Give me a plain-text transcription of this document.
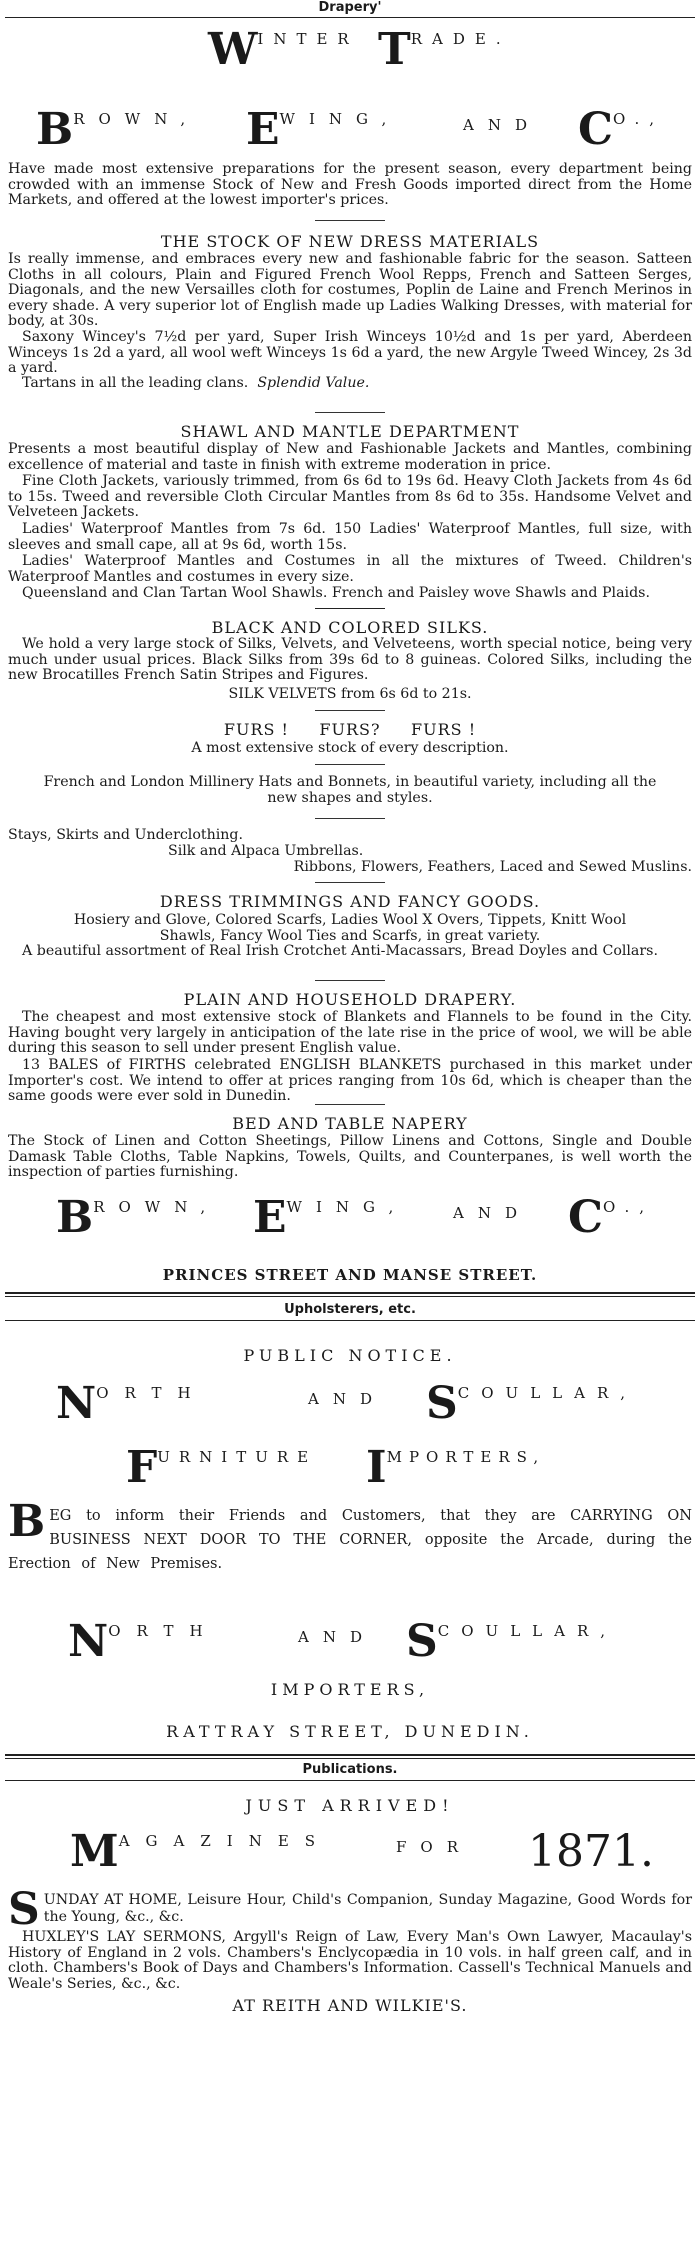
Drapery'
WINTER TRADE.
BROWN, EWING,	AND CO.,
Have made most extensive preparations for the present season, every department being crowded with an immense Stock of New and Fresh Goods imported direct from the Home Markets, and offered at the lowest importer's prices.
THE STOCK OF NEW DRESS MATERIALS
Is really immense, and embraces every new and fashionable fabric for the season. Satteen Cloths in all colours, Plain and Figured French Wool Repps, French and Satteen Serges, Diagonals, and the new Versailles cloth for costumes, Poplin de Laine and French Merinos in every shade. A very superior lot of English made up Ladies Walking Dresses, with material for body, at 30s.
Saxony Wincey's 7½d per yard, Super Irish Winceys 10½d and 1s per yard, Aberdeen Winceys 1s 2d a yard, all wool weft Winceys 1s 6d a yard, the new Argyle Tweed Wincey, 2s 3d a yard.
Tartans in all the leading clans. Splendid Value.
SHAWL AND MANTLE DEPARTMENT
Presents a most beautiful display of New and Fashionable Jackets and Mantles, combining excellence of material and taste in finish with extreme moderation in price.
Fine Cloth Jackets, variously trimmed, from 6s 6d to 19s 6d. Heavy Cloth Jackets from 4s 6d to 15s. Tweed and reversible Cloth Circular Mantles from 8s 6d to 35s. Handsome Velvet and Velveteen Jackets.
Ladies' Waterproof Mantles from 7s 6d. 150 Ladies' Waterproof Mantles, full size, with sleeves and small cape, all at 9s 6d, worth 15s.
Ladies' Waterproof Mantles and Costumes in all the mixtures of Tweed. Children's Waterproof Mantles and costumes in every size.
Queensland and Clan Tartan Wool Shawls. French and Paisley wove Shawls and Plaids.
BLACK AND COLORED SILKS.
We hold a very large stock of Silks, Velvets, and Velveteens, worth special notice, being very much under usual prices. Black Silks from 39s 6d to 8 guineas. Colored Silks, including the new Brocatilles French Satin Stripes and Figures.
SILK VELVETS from 6s 6d to 21s.
FURS !     FURS?     FURS !
A most extensive stock of every description.
French and London Millinery Hats and Bonnets, in beautiful variety, including all the new shapes and styles.
Stays, Skirts and Underclothing.
Silk and Alpaca Umbrellas.
Ribbons, Flowers, Feathers, Laced and Sewed Muslins.
DRESS TRIMMINGS AND FANCY GOODS.
Hosiery and Glove, Colored Scarfs, Ladies Wool X Overs, Tippets, Knitt Wool Shawls, Fancy Wool Ties and Scarfs, in great variety.
A beautiful assortment of Real Irish Crotchet Anti-Macassars, Bread Doyles and Collars.
PLAIN AND HOUSEHOLD DRAPERY.
The cheapest and most extensive stock of Blankets and Flannels to be found in the City. Having bought very largely in anticipation of the late rise in the price of wool, we will be able during this season to sell under present English value.
13 BALES of FIRTHS celebrated ENGLISH BLANKETS purchased in this market under Importer's cost. We intend to offer at prices ranging from 10s 6d, which is cheaper than the same goods were ever sold in Dunedin.
BED AND TABLE NAPERY
The Stock of Linen and Cotton Sheetings, Pillow Linens and Cottons, Single and Double Damask Table Cloths, Table Napkins, Towels, Quilts, and Counterpanes, is well worth the inspection of parties furnishing.
BROWN, EWING,	AND CO.,
PRINCES STREET AND MANSE STREET.
Upholsterers, etc.
PUBLIC NOTICE.
NORTH	AND SCOULLAR,
FURNITURE IMPORTERS,
BEG to inform their Friends and Customers, that they are CARRYING ON BUSINESS NEXT DOOR TO THE CORNER, opposite the Arcade, during the Erection of New Premises.
NORTH	AND SCOULLAR,
IMPORTERS,
RATTRAY STREET, DUNEDIN.
Publications.
JUST ARRIVED!
MAGAZINES	FOR 1871.
SUNDAY AT HOME, Leisure Hour, Child's Companion, Sunday Magazine, Good Words for the Young, &c., &c.
HUXLEY'S LAY SERMONS, Argyll's Reign of Law, Every Man's Own Lawyer, Macaulay's History of England in 2 vols. Chambers's Enclycopædia in 10 vols. in half green calf, and in cloth. Chambers's Book of Days and Chambers's Information. Cassell's Technical Manuels and Weale's Series, &c., &c.
AT REITH AND WILKIE'S.
